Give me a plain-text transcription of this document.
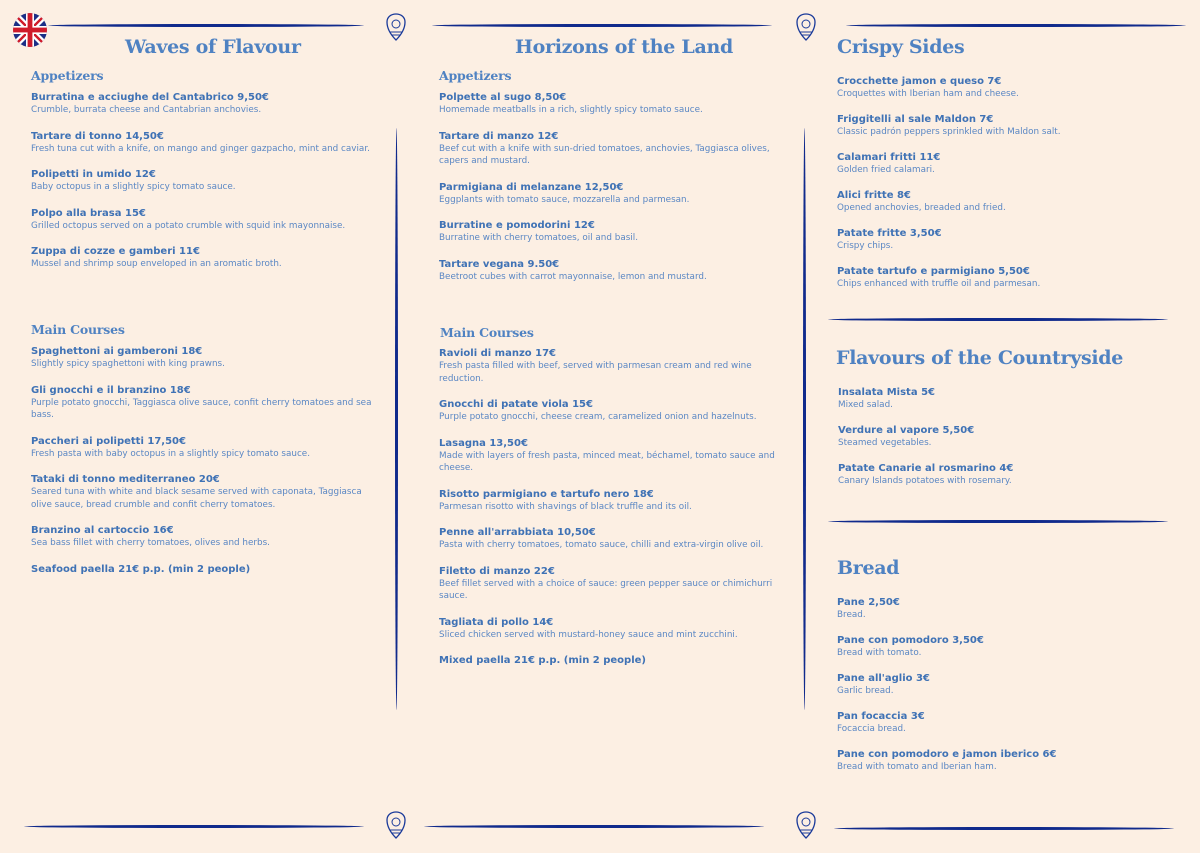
Waves of Flavour
Appetizers
Burratina e acciughe del Cantabrico 9,50€
Crumble, burrata cheese and Cantabrian anchovies.
Tartare di tonno 14,50€
Fresh tuna cut with a knife, on mango and ginger gazpacho, mint and caviar.
Polipetti in umido 12€
Baby octopus in a slightly spicy tomato sauce.
Polpo alla brasa 15€
Grilled octopus served on a potato crumble with squid ink mayonnaise.
Zuppa di cozze e gamberi 11€
Mussel and shrimp soup enveloped in an aromatic broth.
Main Courses
Spaghettoni ai gamberoni 18€
Slightly spicy spaghettoni with king prawns.
Gli gnocchi e il branzino 18€
Purple potato gnocchi, Taggiasca olive sauce, confit cherry tomatoes and sea bass.
Paccheri ai polipetti 17,50€
Fresh pasta with baby octopus in a slightly spicy tomato sauce.
Tataki di tonno mediterraneo 20€
Seared tuna with white and black sesame served with caponata, Taggiasca olive sauce, bread crumble and confit cherry tomatoes.
Branzino al cartoccio 16€
Sea bass fillet with cherry tomatoes, olives and herbs.
Seafood paella 21€ p.p. (min 2 people)
Horizons of the Land
Appetizers
Polpette al sugo 8,50€
Homemade meatballs in a rich, slightly spicy tomato sauce.
Tartare di manzo 12€
Beef cut with a knife with sun-dried tomatoes, anchovies, Taggiasca olives, capers and mustard.
Parmigiana di melanzane 12,50€
Eggplants with tomato sauce, mozzarella and parmesan.
Burratine e pomodorini 12€
Burratine with cherry tomatoes, oil and basil.
Tartare vegana 9.50€
Beetroot cubes with carrot mayonnaise, lemon and mustard.
Main Courses
Ravioli di manzo 17€
Fresh pasta filled with beef, served with parmesan cream and red wine reduction.
Gnocchi di patate viola 15€
Purple potato gnocchi, cheese cream, caramelized onion and hazelnuts.
Lasagna 13,50€
Made with layers of fresh pasta, minced meat, béchamel, tomato sauce and cheese.
Risotto parmigiano e tartufo nero 18€
Parmesan risotto with shavings of black truffle and its oil.
Penne all'arrabbiata 10,50€
Pasta with cherry tomatoes, tomato sauce, chilli and extra-virgin olive oil.
Filetto di manzo 22€
Beef fillet served with a choice of sauce: green pepper sauce or chimichurri sauce.
Tagliata di pollo 14€
Sliced chicken served with mustard-honey sauce and mint zucchini.
Mixed paella 21€ p.p. (min 2 people)
Crispy Sides
Crocchette jamon e queso 7€
Croquettes with Iberian ham and cheese.
Friggitelli al sale Maldon 7€
Classic padrón peppers sprinkled with Maldon salt.
Calamari fritti 11€
Golden fried calamari.
Alici fritte 8€
Opened anchovies, breaded and fried.
Patate fritte 3,50€
Crispy chips.
Patate tartufo e parmigiano 5,50€
Chips enhanced with truffle oil and parmesan.
Flavours of the Countryside
Insalata Mista 5€
Mixed salad.
Verdure al vapore 5,50€
Steamed vegetables.
Patate Canarie al rosmarino 4€
Canary Islands potatoes with rosemary.
Bread
Pane 2,50€
Bread.
Pane con pomodoro 3,50€
Bread with tomato.
Pane all'aglio 3€
Garlic bread.
Pan focaccia 3€
Focaccia bread.
Pane con pomodoro e jamon iberico 6€
Bread with tomato and Iberian ham.
